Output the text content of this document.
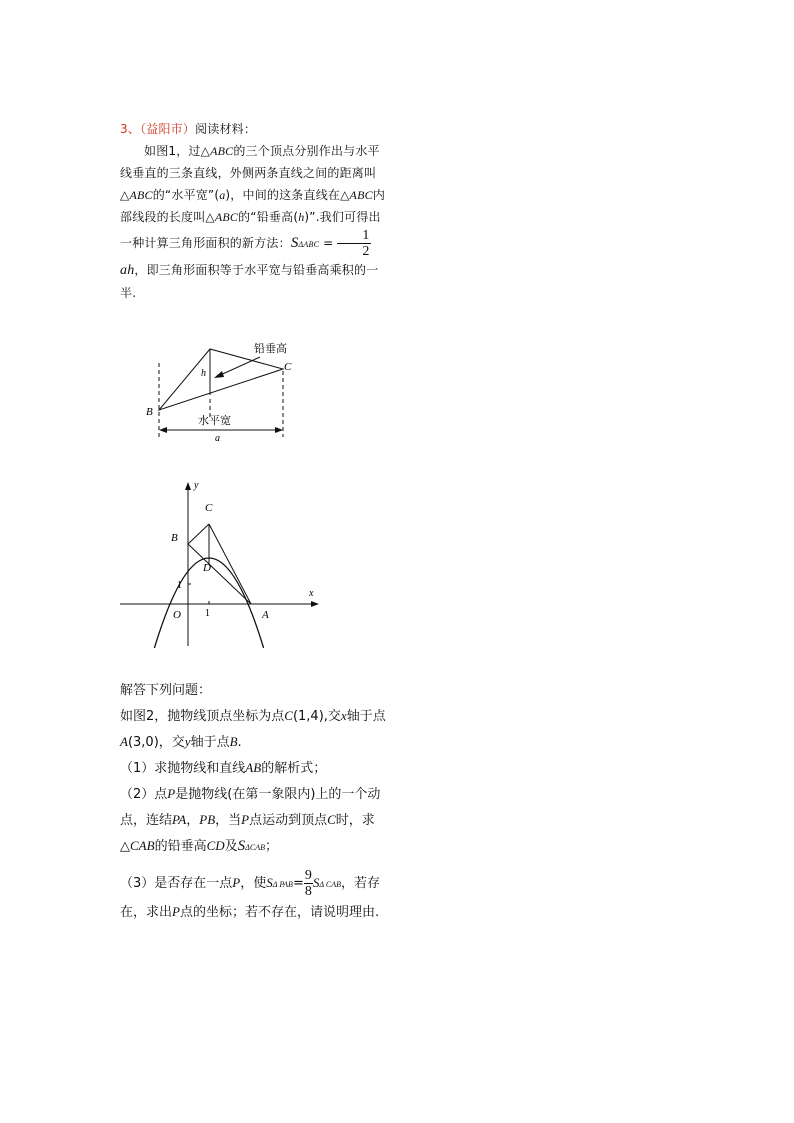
3、（益阳市）阅读材料：
如图1，过△ABC的三个顶点分别作出与水平线垂直的三条直线，外侧两条直线之间的距离叫△ABC的“水平宽”(a)，中间的这条直线在△ABC内部线段的长度叫△ABC的“铅垂高(h)”.我们可得出一种计算三角形面积的新方法：$S\Delta ABC = \frac{1}{2}$
ah，即三角形面积等于水平宽与铅垂高乘积的一半.
B
C
h
铅垂高
水平宽
a
y
x
C
B
D
O	A
1
1
解答下列问题：
如图2，抛物线顶点坐标为点C(1,4),交x轴于点A(3,0)，交y轴于点B.
（1）求抛物线和直线AB的解析式；
（2）点P是抛物线(在第一象限内)上的一个动点，连结PA，PB，当P点运动到顶点C时，求△CAB的铅垂高CD及SΔCAB；
（3）是否存在一点P，使SΔ $PAB= \frac{9}{8}$ SΔ CAB，若存在，求出P点的坐标；若不存在，请说明理由.
